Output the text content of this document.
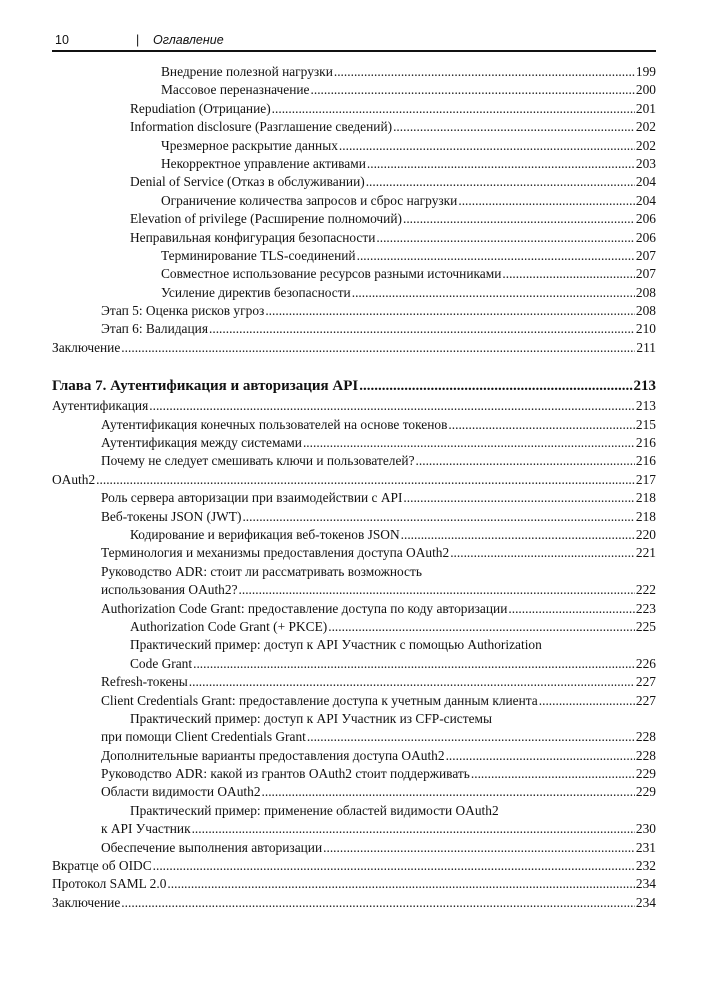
10	| Оглавление
Внедрение полезной нагрузки .....	199
Массовое переназначение .....	200
Repudiation (Отрицание) .....	201
Information disclosure (Разглашение сведений) .....	202
Чрезмерное раскрытие данных .....	202
Некорректное управление активами .....	203
Denial of Service (Отказ в обслуживании) .....	204
Ограничение количества запросов и сброс нагрузки .....	204
Elevation of privilege (Расширение полномочий) .....	206
Неправильная конфигурация безопасности .....	206
Терминирование TLS-соединений .....	207
Совместное использование ресурсов разными источниками .....	207
Усиление директив безопасности .....	208
Этап 5: Оценка рисков угроз .....	208
Этап 6: Валидация .....	210
Заключение .....	211
Глава 7. Аутентификация и авторизация API .....	213
Аутентификация .....	213
Аутентификация конечных пользователей на основе токенов .....	215
Аутентификация между системами .....	216
Почему не следует смешивать ключи и пользователей? .....	216
OAuth2 .....	217
Роль сервера авторизации при взаимодействии с API .....	218
Веб-токены JSON (JWT) .....	218
Кодирование и верификация веб-токенов JSON .....	220
Терминология и механизмы предоставления доступа OAuth2 .....	221
Руководство ADR: стоит ли рассматривать возможность
использования OAuth2? .....	222
Authorization Code Grant: предоставление доступа по коду авторизации .....	223
Authorization Code Grant (+ PKCE) .....	225
Практический пример: доступ к API Участник с помощью Authorization
Code Grant .....	226
Refresh-токены .....	227
Client Credentials Grant: предоставление доступа к учетным данным клиента .....	227
Практический пример: доступ к API Участник из CFP-системы
при помощи Client Credentials Grant .....	228
Дополнительные варианты предоставления доступа OAuth2 .....	228
Руководство ADR: какой из грантов OAuth2 стоит поддерживать .....	229
Области видимости OAuth2 .....	229
Практический пример: применение областей видимости OAuth2
к API Участник .....	230
Обеспечение выполнения авторизации .....	231
Вкратце об OIDC .....	232
Протокол SAML 2.0 .....	234
Заключение .....	234
